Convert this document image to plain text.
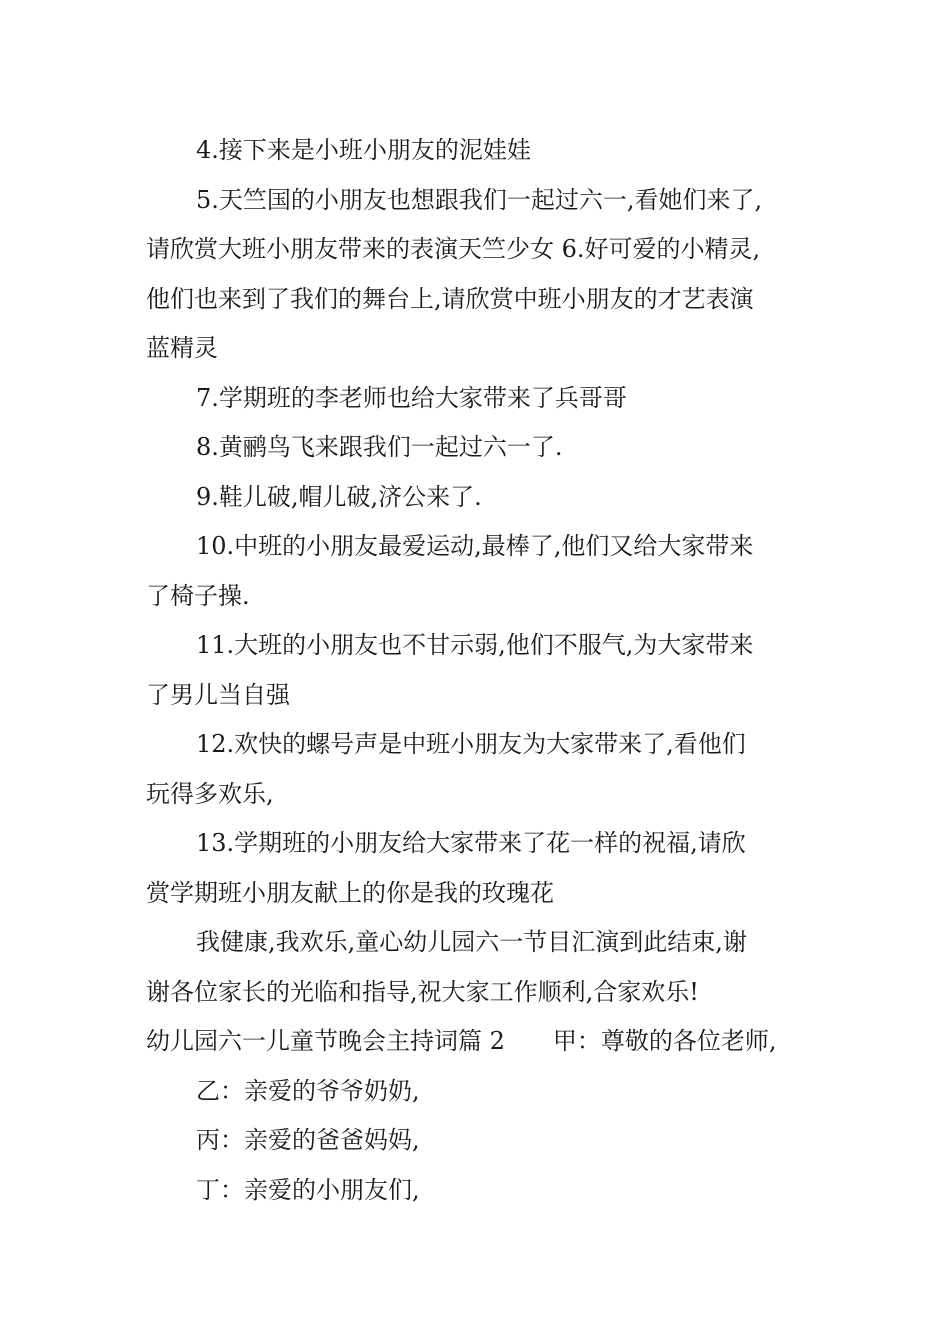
4.接下来是小班小朋友的泥娃娃

5.天竺国的小朋友也想跟我们一起过六一,看她们来了,

请欣赏大班小朋友带来的表演天竺少女 6.好可爱的小精灵,

他们也来到了我们的舞台上,请欣赏中班小朋友的才艺表演

蓝精灵

7.学期班的李老师也给大家带来了兵哥哥

8.黄鹂鸟飞来跟我们一起过六一了.

9.鞋儿破,帽儿破,济公来了.

10.中班的小朋友最爱运动,最棒了,他们又给大家带来

了椅子操.

11.大班的小朋友也不甘示弱,他们不服气,为大家带来

了男儿当自强

12.欢快的螺号声是中班小朋友为大家带来了,看他们

玩得多欢乐,

13.学期班的小朋友给大家带来了花一样的祝福,请欣

赏学期班小朋友献上的你是我的玫瑰花

我健康,我欢乐,童心幼儿园六一节目汇演到此结束,谢

谢各位家长的光临和指导,祝大家工作顺利,合家欢乐!

幼儿园六一儿童节晚会主持词篇 2 甲：尊敬的各位老师,

乙：亲爱的爷爷奶奶,

丙：亲爱的爸爸妈妈,

丁：亲爱的小朋友们,
